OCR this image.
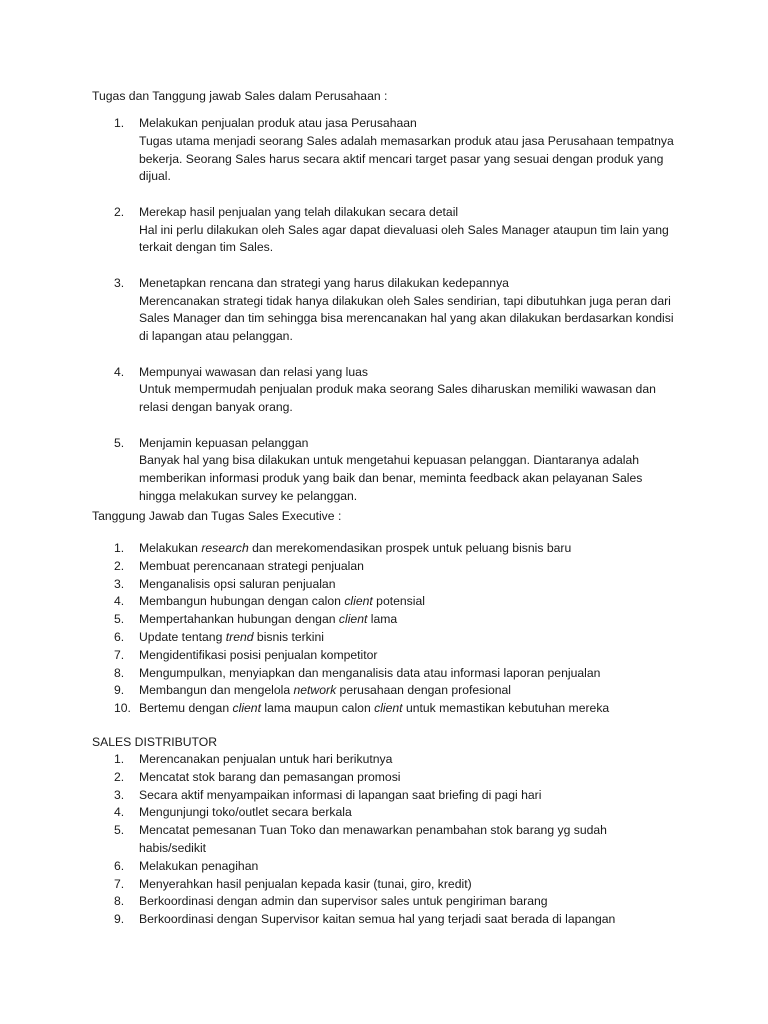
Tugas dan Tanggung jawab Sales dalam Perusahaan :

1. Melakukan penjualan produk atau jasa Perusahaan
Tugas utama menjadi seorang Sales adalah memasarkan produk atau jasa Perusahaan tempatnya bekerja. Seorang Sales harus secara aktif mencari target pasar yang sesuai dengan produk yang dijual.
2. Merekap hasil penjualan yang telah dilakukan secara detail
Hal ini perlu dilakukan oleh Sales agar dapat dievaluasi oleh Sales Manager ataupun tim lain yang terkait dengan tim Sales.
3. Menetapkan rencana dan strategi yang harus dilakukan kedepannya
Merencanakan strategi tidak hanya dilakukan oleh Sales sendirian, tapi dibutuhkan juga peran dari Sales Manager dan tim sehingga bisa merencanakan hal yang akan dilakukan berdasarkan kondisi di lapangan atau pelanggan.
4. Mempunyai wawasan dan relasi yang luas
Untuk mempermudah penjualan produk maka seorang Sales diharuskan memiliki wawasan dan relasi dengan banyak orang.
5. Menjamin kepuasan pelanggan
Banyak hal yang bisa dilakukan untuk mengetahui kepuasan pelanggan. Diantaranya adalah memberikan informasi produk yang baik dan benar, meminta feedback akan pelayanan Sales hingga melakukan survey ke pelanggan.

Tanggung Jawab dan Tugas Sales Executive :

1. Melakukan research dan merekomendasikan prospek untuk peluang bisnis baru
2. Membuat perencanaan strategi penjualan
3. Menganalisis opsi saluran penjualan
4. Membangun hubungan dengan calon client potensial
5. Mempertahankan hubungan dengan client lama
6. Update tentang trend bisnis terkini
7. Mengidentifikasi posisi penjualan kompetitor
8. Mengumpulkan, menyiapkan dan menganalisis data atau informasi laporan penjualan
9. Membangun dan mengelola network perusahaan dengan profesional
10. Bertemu dengan client lama maupun calon client untuk memastikan kebutuhan mereka

SALES DISTRIBUTOR

1. Merencanakan penjualan untuk hari berikutnya
2. Mencatat stok barang dan pemasangan promosi
3. Secara aktif menyampaikan informasi di lapangan saat briefing di pagi hari
4. Mengunjungi toko/outlet secara berkala
5. Mencatat pemesanan Tuan Toko dan menawarkan penambahan stok barang yg sudah habis/sedikit
6. Melakukan penagihan
7. Menyerahkan hasil penjualan kepada kasir (tunai, giro, kredit)
8. Berkoordinasi dengan admin dan supervisor sales untuk pengiriman barang
9. Berkoordinasi dengan Supervisor kaitan semua hal yang terjadi saat berada di lapangan
